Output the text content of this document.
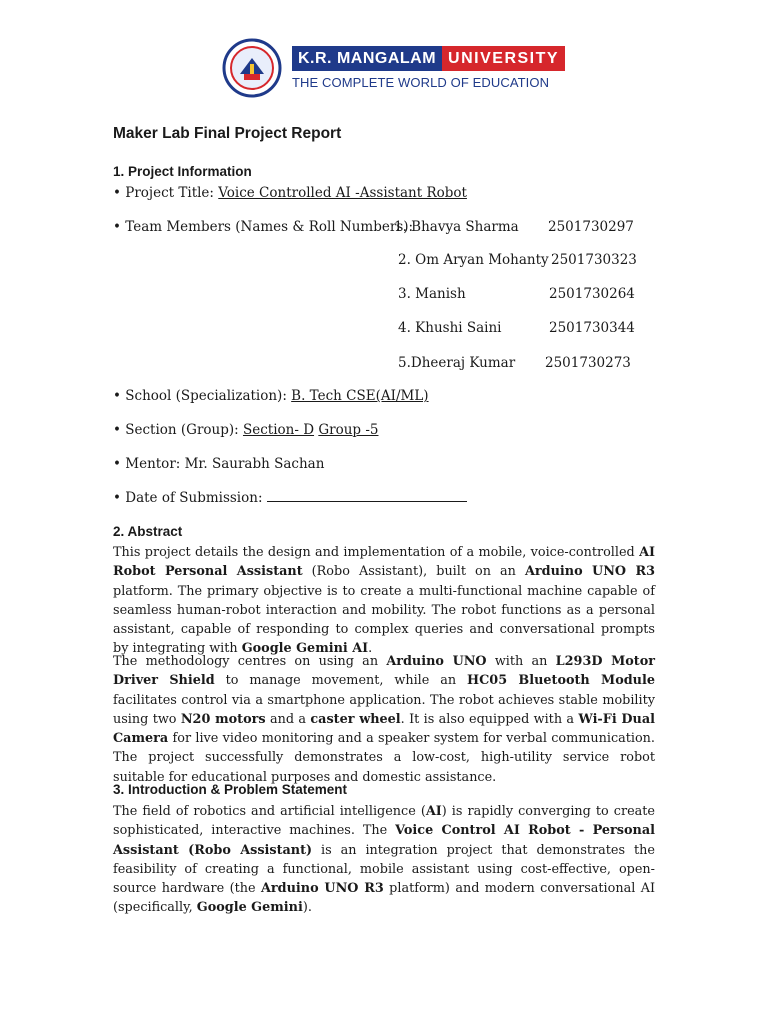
K.R. MANGALAM UNIVERSITY
THE COMPLETE WORLD OF EDUCATION
Maker Lab Final Project Report
1. Project Information
• Project Title: Voice Controlled AI -Assistant Robot
• Team Members (Names & Roll Numbers):
1. Bhavya Sharma 2501730297
2. Om Aryan Mohanty 2501730323
3. Manish	2501730264
4. Khushi Saini	2501730344
5.Dheeraj Kumar 2501730273
• School (Specialization): B. Tech CSE(AI/ML)
• Section (Group): Section- D Group -5
• Mentor: Mr. Saurabh Sachan
• Date of Submission:
2. Abstract
This project details the design and implementation of a mobile, voice-controlled AI Robot Personal Assistant (Robo Assistant), built on an Arduino UNO R3 platform. The primary objective is to create a multi-functional machine capable of seamless human-robot interaction and mobility. The robot functions as a personal assistant, capable of responding to complex queries and conversational prompts by integrating with Google Gemini AI.
The methodology centres on using an Arduino UNO with an L293D Motor Driver Shield to manage movement, while an HC05 Bluetooth Module facilitates control via a smartphone application. The robot achieves stable mobility using two N20 motors and a caster wheel. It is also equipped with a Wi-Fi Dual Camera for live video monitoring and a speaker system for verbal communication. The project successfully demonstrates a low-cost, high-utility service robot suitable for educational purposes and domestic assistance.
3. Introduction & Problem Statement
The field of robotics and artificial intelligence (AI) is rapidly converging to create sophisticated, interactive machines. The Voice Control AI Robot - Personal Assistant (Robo Assistant) is an integration project that demonstrates the feasibility of creating a functional, mobile assistant using cost-effective, open-source hardware (the Arduino UNO R3 platform) and modern conversational AI (specifically, Google Gemini).
